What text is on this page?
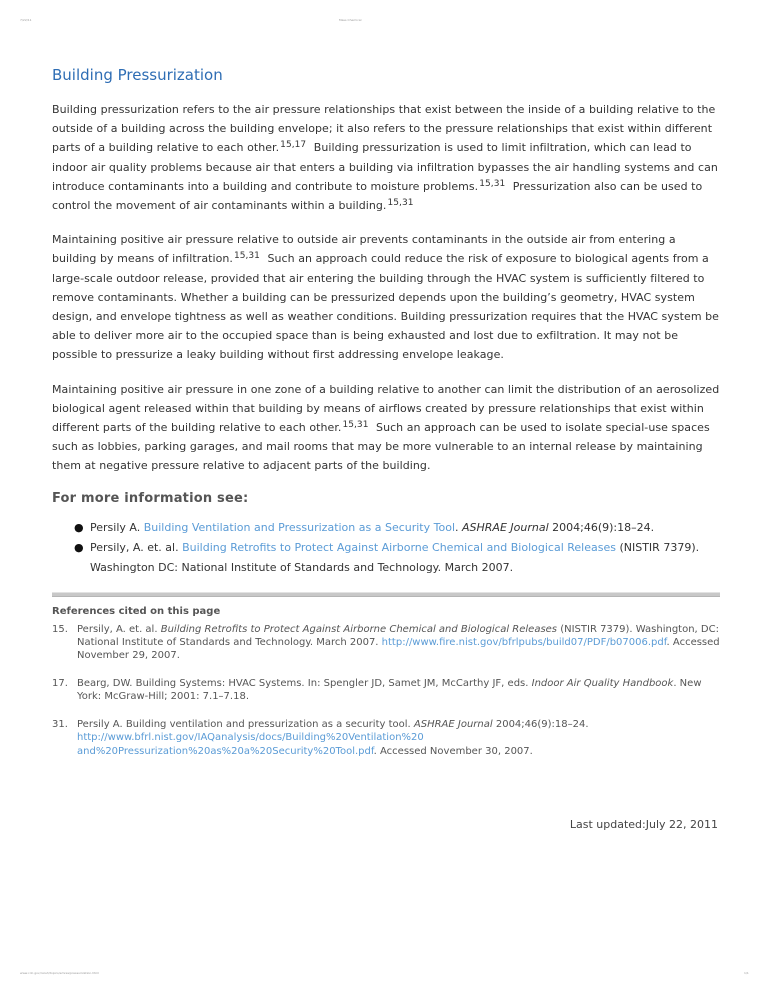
7/22/11	Mass Chemical
Building Pressurization

Building pressurization refers to the air pressure relationships that exist between the inside of a building relative to the outside of a building across the building envelope; it also refers to the pressure relationships that exist within different parts of a building relative to each other.$^{15,17}$ Building pressurization is used to limit infiltration, which can lead to indoor air quality problems because air that enters a building via infiltration bypasses the air handling systems and can introduce contaminants into a building and contribute to moisture problems.$^{15,31}$ Pressurization also can be used to control the movement of air contaminants within a building.$^{15,31}$

Maintaining positive air pressure relative to outside air prevents contaminants in the outside air from entering a building by means of infiltration.$^{15,31}$ Such an approach could reduce the risk of exposure to biological agents from a large-scale outdoor release, provided that air entering the building through the HVAC system is sufficiently filtered to remove contaminants. Whether a building can be pressurized depends upon the building’s geometry, HVAC system design, and envelope tightness as well as weather conditions. Building pressurization requires that the HVAC system be able to deliver more air to the occupied space than is being exhausted and lost due to exfiltration. It may not be possible to pressurize a leaky building without first addressing envelope leakage.

Maintaining positive air pressure in one zone of a building relative to another can limit the distribution of an aerosolized biological agent released within that building by means of airflows created by pressure relationships that exist within different parts of the building relative to each other.$^{15,31}$ Such an approach can be used to isolate special-use spaces such as lobbies, parking garages, and mail rooms that may be more vulnerable to an internal release by maintaining them at negative pressure relative to adjacent parts of the building.

For more information see:
● Persily A. Building Ventilation and Pressurization as a Security Tool. ASHRAE Journal 2004;46(9):18–24.
● Persily, A. et. al. Building Retrofits to Protect Against Airborne Chemical and Biological Releases (NISTIR 7379). Washington DC: National Institute of Standards and Technology. March 2007.
References cited on this page
15. Persily, A. et. al. Building Retrofits to Protect Against Airborne Chemical and Biological Releases (NISTIR 7379). Washington, DC: National Institute of Standards and Technology. March 2007. http://www.fire.nist.gov/bfrlpubs/build07/PDF/b07006.pdf. Accessed November 29, 2007.
17. Bearg, DW. Building Systems: HVAC Systems. In: Spengler JD, Samet JM, McCarthy JF, eds. Indoor Air Quality Handbook. New York: McGraw-Hill; 2001: 7.1–7.18.
31. Persily A. Building ventilation and pressurization as a security tool. ASHRAE Journal 2004;46(9):18–24. http://www.bfrl.nist.gov/IAQanalysis/docs/Building%20Ventilation%20 and%20Pressurization%20as%20a%20Security%20Tool.pdf. Accessed November 30, 2007.
Last updated:July 22, 2011
www.cdc.gov/niosh/topics/emres/pressurization.html	1/1
